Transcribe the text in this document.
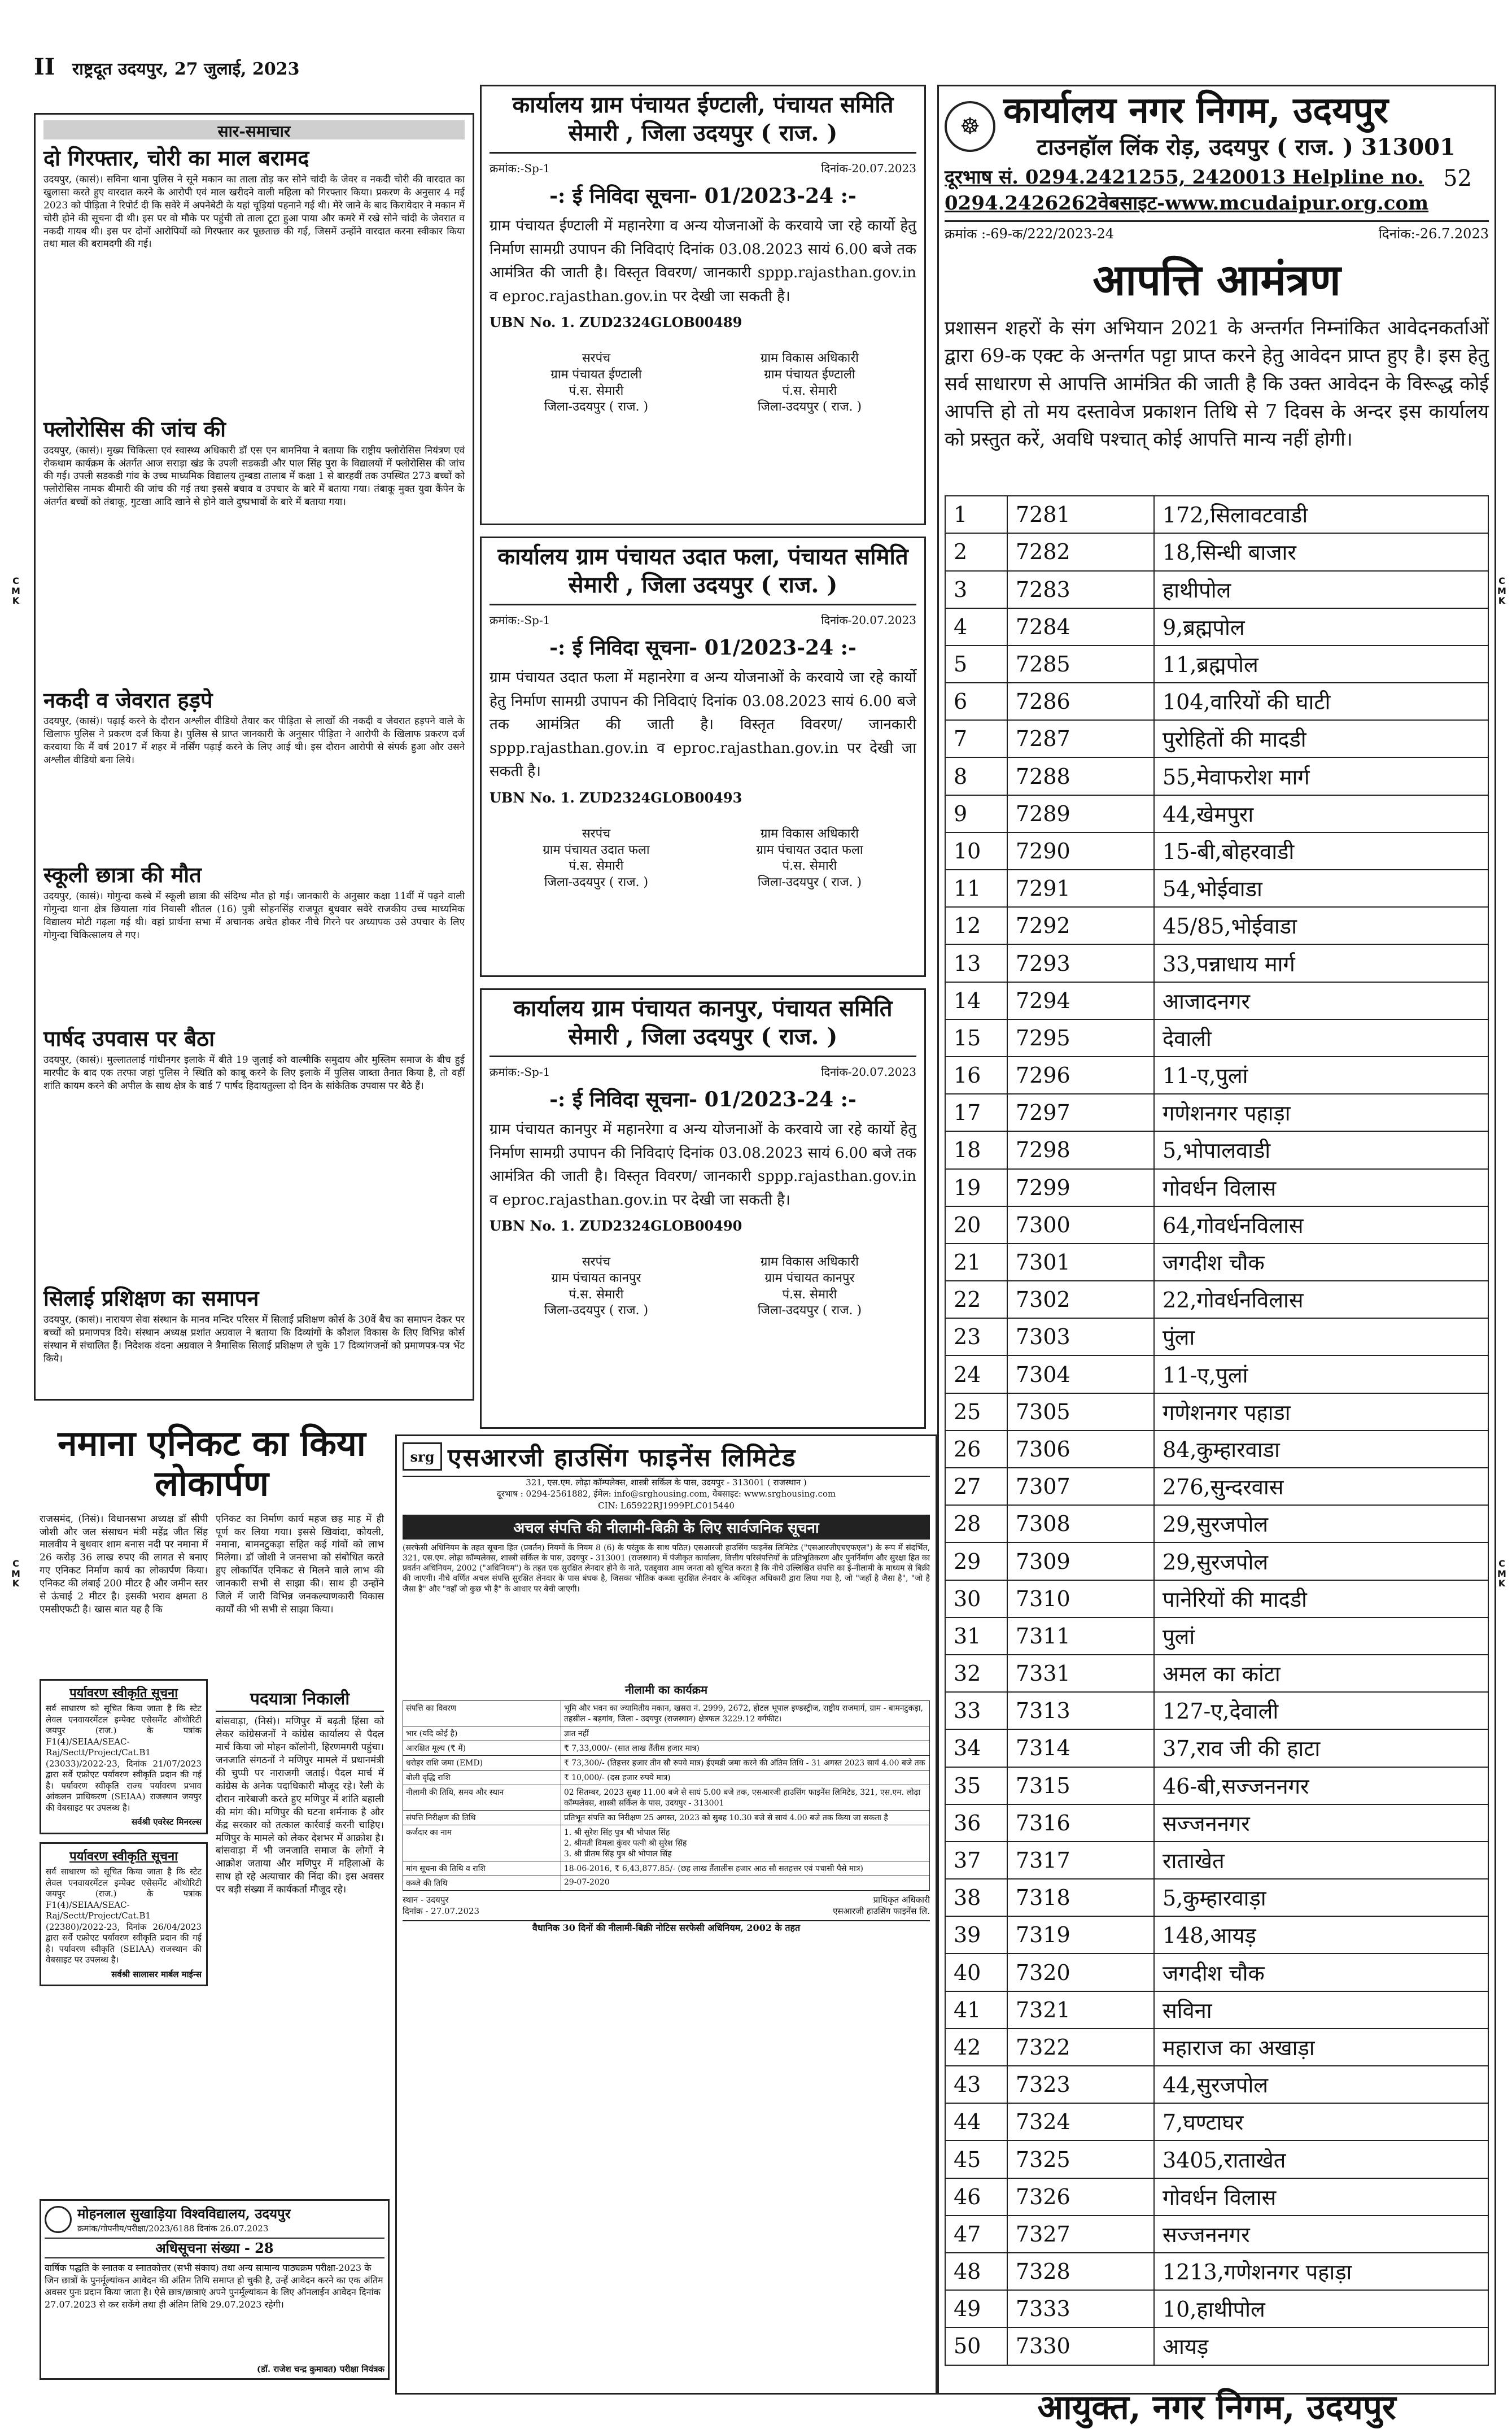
II राष्ट्रदूत उदयपुर, 27 जुलाई, 2023
C
M
K
C
M
K
C
M
K
C
M
K
सार-समाचार
दो गिरफ्तार, चोरी का माल बरामद

उदयपुर, (कासं)। सविना थाना पुलिस ने सूने मकान का ताला तोड़ कर सोने चांदी के जेवर व नकदी चोरी की वारदात का खुलासा करते हुए वारदात करने के आरोपी एवं माल खरीदने वाली महिला को गिरफ्तार किया। प्रकरण के अनुसार 4 मई 2023 को पीड़िता ने रिपोर्ट दी कि सवेरे में अपनेबेटी के यहां चूड़ियां पहनाने गई थी। मेरे जाने के बाद किरायेदार ने मकान में चोरी होने की सूचना दी थी। इस पर वो मौके पर पहुंची तो ताला टूटा हुआ पाया और कमरे में रखे सोने चांदी के जेवरात व नकदी गायब थी। इस पर दोनों आरोपियों को गिरफ्तार कर पूछताछ की गई, जिसमें उन्होंने वारदात करना स्वीकार किया तथा माल की बरामदगी की गई।

फ्लोरोसिस की जांच की

उदयपुर, (कासं)। मुख्य चिकित्सा एवं स्वास्थ्य अधिकारी डॉ एस एन बामनिया ने बताया कि राष्ट्रीय फ्लोरोसिस नियंत्रण एवं रोकथाम कार्यक्रम के अंतर्गत आज सराड़ा खंड के उपली सडकडी और पाल सिंह पुरा के विद्यालयों में फ्लोरोसिस की जांच की गई। उपली सडकडी गांव के उच्च माध्यमिक विद्यालय तुम्बडा तालाब में कक्षा 1 से बारहवीं तक उपस्थित 273 बच्चों को फ्लोरोसिस नामक बीमारी की जांच की गई तथा इससे बचाव व उपचार के बारे में बताया गया। तंबाकू मुक्त युवा कैंपेन के अंतर्गत बच्चों को तंबाकू, गुटखा आदि खाने से होने वाले दुष्प्रभावों के बारे में बताया गया।

नकदी व जेवरात हड़पे

उदयपुर, (कासं)। पढ़ाई करने के दौरान अश्लील वीडियो तैयार कर पीड़िता से लाखों की नकदी व जेवरात हड़पने वाले के खिलाफ पुलिस ने प्रकरण दर्ज किया है। पुलिस से प्राप्त जानकारी के अनुसार पीड़िता ने आरोपी के खिलाफ प्रकरण दर्ज करवाया कि मैं वर्ष 2017 में शहर में नर्सिंग पढ़ाई करने के लिए आई थी। इस दौरान आरोपी से संपर्क हुआ और उसने अश्लील वीडियो बना लिये।

स्कूली छात्रा की मौत

उदयपुर, (कासं)। गोगुन्दा कस्बे में स्कूली छात्रा की संदिग्ध मौत हो गई। जानकारी के अनुसार कक्षा 11वीं में पढ़ने वाली गोगुन्दा थाना क्षेत्र छियाला गांव निवासी शीतल (16) पुत्री सोहनसिंह राजपूत बुधवार सवेरे राजकीय उच्च माध्यमिक विद्यालय मोटी गढ़ला गई थी। वहां प्रार्थना सभा में अचानक अचेत होकर नीचे गिरने पर अध्यापक उसे उपचार के लिए गोगुन्दा चिकित्सालय ले गए।

पार्षद उपवास पर बैठा

उदयपुर, (कासं)। मुल्लातलाई गांधीनगर इलाके में बीते 19 जुलाई को वाल्मीकि समुदाय और मुस्लिम समाज के बीच हुई मारपीट के बाद एक तरफा जहां पुलिस ने स्थिति को काबू करने के लिए इलाके में पुलिस जाब्ता तैनात किया है, तो वहीं शांति कायम करने की अपील के साथ क्षेत्र के वार्ड 7 पार्षद हिदायतुल्ला दो दिन के सांकेतिक उपवास पर बैठे हैं।

सिलाई प्रशिक्षण का समापन

उदयपुर, (कासं)। नारायण सेवा संस्थान के मानव मन्दिर परिसर में सिलाई प्रशिक्षण कोर्स के 30वें बैच का समापन देकर पर बच्चों को प्रमाणपत्र दिये। संस्थान अध्यक्ष प्रशांत अग्रवाल ने बताया कि दिव्यांगों के कौशल विकास के लिए विभिन्न कोर्स संस्थान में संचालित हैं। निदेशक वंदना अग्रवाल ने त्रैमासिक सिलाई प्रशिक्षण ले चुके 17 दिव्यांगजनों को प्रमाणपत्र-पत्र भेंट किये।

नमाना एनिकट का किया लोकार्पण
राजसमंद, (निसं)। विधानसभा अध्यक्ष डॉ सीपी जोशी और जल संसाधन मंत्री महेंद्र जीत सिंह मालवीय ने बुधवार शाम बनास नदी पर नमाना में 26 करोड़ 36 लाख रुपए की लागत से बनाए गए एनिकट निर्माण कार्य का लोकार्पण किया। एनिकट की लंबाई 200 मीटर है और जमीन स्तर से ऊंचाई 2 मीटर है। इसकी भराव क्षमता 8 एमसीएफटी है। खास बात यह है कि
पर्यावरण स्वीकृति सूचना
सर्व साधारण को सूचित किया जाता है कि स्टेट लेवल एनवायरमेंटल इम्पेक्ट एसेसमेंट ऑथोरिटी जयपुर (राज.) के पत्रांक F1(4)/SEIAA/SEAC-Raj/Sectt/Project/Cat.B1 (23033)/2022-23, दिनांक 21/07/2023 द्वारा सर्वे एफ्रोएट पर्यावरण स्वीकृति प्रदान की गई है। पर्यावरण स्वीकृति राज्य पर्यावरण प्रभाव आंकलन प्राधिकरण (SEIAA) राजस्थान जयपुर की वेबसाइट पर उपलब्ध है।
सर्वश्री एवरेस्ट मिनरल्स
पर्यावरण स्वीकृति सूचना
सर्व साधारण को सूचित किया जाता है कि स्टेट लेवल एनवायरमेंटल इम्पेक्ट एसेसमेंट ऑथोरिटी जयपुर (राज.) के पत्रांक F1(4)/SEIAA/SEAC-Raj/Sectt/Project/Cat.B1 (22380)/2022-23, दिनांक 26/04/2023 द्वारा सर्वे एफ्रोएट पर्यावरण स्वीकृति प्रदान की गई है। पर्यावरण स्वीकृति (SEIAA) राजस्थान की वेबसाइट पर उपलब्ध है।
सर्वश्री सालासर मार्बल माईन्स
एनिकट का निर्माण कार्य महज छह माह में ही पूर्ण कर लिया गया। इससे खिवांदा, कोयली, नमाना, बामनटुकड़ा सहित कई गांवों को लाभ मिलेगा। डॉ जोशी ने जनसभा को संबोधित करते हुए लोकार्पित एनिकट से मिलने वाले लाभ की जानकारी सभी से साझा की। साथ ही उन्होंने जिले में जारी विभिन्न जनकल्याणकारी विकास कार्यों की भी सभी से साझा किया।
पदयात्रा निकाली
बांसवाड़ा, (निसं)। मणिपुर में बढ़ती हिंसा को लेकर कांग्रेसजनों ने कांग्रेस कार्यालय से पैदल मार्च किया जो मोहन कॉलोनी, हिरणमगरी पहुंचा। जनजाति संगठनों ने मणिपुर मामले में प्रधानमंत्री की चुप्पी पर नाराजगी जताई। पैदल मार्च में कांग्रेस के अनेक पदाधिकारी मौजूद रहे। रैली के दौरान नारेबाजी करते हुए मणिपुर में शांति बहाली की मांग की। मणिपुर की घटना शर्मनाक है और केंद्र सरकार को तत्काल कार्रवाई करनी चाहिए। मणिपुर के मामले को लेकर देशभर में आक्रोश है। बांसवाड़ा में भी जनजाति समाज के लोगों ने आक्रोश जताया और मणिपुर में महिलाओं के साथ हो रहे अत्याचार की निंदा की। इस अवसर पर बड़ी संख्या में कार्यकर्ता मौजूद रहे।
मोहनलाल सुखाड़िया विश्वविद्यालय, उदयपुर
क्रमांक/गोपनीय/परीक्षा/2023/6188 दिनांक 26.07.2023
अधिसूचना संख्या - 28
वार्षिक पद्धति के स्नातक व स्नातकोत्तर (सभी संकाय) तथा अन्य सामान्य पाठ्यक्रम परीक्षा-2023 के जिन छात्रों के पुनर्मूल्यांकन आवेदन की अंतिम तिथि समाप्त हो चुकी है, उन्हें आवेदन करने का एक अंतिम अवसर पुनः प्रदान किया जाता है। ऐसे छात्र/छात्राएं अपने पुनर्मूल्यांकन के लिए ऑनलाईन आवेदन दिनांक 27.07.2023 से कर सकेंगे तथा ही अंतिम तिथि 29.07.2023 रहेगी।
(डॉ. राजेश चन्द्र कुमावत) परीक्षा नियंत्रक
कार्यालय ग्राम पंचायत ईण्टाली, पंचायत समिति सेमारी , जिला उदयपुर ( राज. )
क्रमांक:-Sp-1	दिनांक-20.07.2023
-: ई निविदा सूचना- 01/2023-24 :-
ग्राम पंचायत ईण्टाली में महानरेगा व अन्य योजनाओं के करवाये जा रहे कार्यो हेतु निर्माण सामग्री उपापन की निविदाएं दिनांक 03.08.2023 सायं 6.00 बजे तक आमंत्रित की जाती है। विस्तृत विवरण/ जानकारी sppp.rajasthan.gov.in व eproc.rajasthan.gov.in पर देखी जा सकती है।
UBN No. 1. ZUD2324GLOB00489
सरपंच
ग्राम पंचायत ईण्टाली
पं.स. सेमारी
जिला-उदयपुर ( राज. )
ग्राम विकास अधिकारी
ग्राम पंचायत ईण्टाली
पं.स. सेमारी
जिला-उदयपुर ( राज. )
कार्यालय ग्राम पंचायत उदात फला, पंचायत समिति सेमारी , जिला उदयपुर ( राज. )
क्रमांक:-Sp-1	दिनांक-20.07.2023
-: ई निविदा सूचना- 01/2023-24 :-
ग्राम पंचायत उदात फला में महानरेगा व अन्य योजनाओं के करवाये जा रहे कार्यो हेतु निर्माण सामग्री उपापन की निविदाएं दिनांक 03.08.2023 सायं 6.00 बजे तक आमंत्रित की जाती है। विस्तृत विवरण/ जानकारी sppp.rajasthan.gov.in व eproc.rajasthan.gov.in पर देखी जा सकती है।
UBN No. 1. ZUD2324GLOB00493
सरपंच
ग्राम पंचायत उदात फला
पं.स. सेमारी
जिला-उदयपुर ( राज. )
ग्राम विकास अधिकारी
ग्राम पंचायत उदात फला
पं.स. सेमारी
जिला-उदयपुर ( राज. )
कार्यालय ग्राम पंचायत कानपुर, पंचायत समिति सेमारी , जिला उदयपुर ( राज. )
क्रमांक:-Sp-1	दिनांक-20.07.2023
-: ई निविदा सूचना- 01/2023-24 :-
ग्राम पंचायत कानपुर में महानरेगा व अन्य योजनाओं के करवाये जा रहे कार्यो हेतु निर्माण सामग्री उपापन की निविदाएं दिनांक 03.08.2023 सायं 6.00 बजे तक आमंत्रित की जाती है। विस्तृत विवरण/ जानकारी sppp.rajasthan.gov.in व eproc.rajasthan.gov.in पर देखी जा सकती है।
UBN No. 1. ZUD2324GLOB00490
सरपंच
ग्राम पंचायत कानपुर
पं.स. सेमारी
जिला-उदयपुर ( राज. )
ग्राम विकास अधिकारी
ग्राम पंचायत कानपुर
पं.स. सेमारी
जिला-उदयपुर ( राज. )
srg एसआरजी हाउसिंग फाइनेंस लिमिटेड
321, एस.एम. लोढ़ा कॉम्पलेक्स, शास्त्री सर्किल के पास, उदयपुर - 313001 ( राजस्थान )
दूरभाष : 0294-2561882, ईमेल: info@srghousing.com, वेबसाइट: www.srghousing.com
CIN: L65922RJ1999PLC015440
अचल संपत्ति की नीलामी-बिक्री के लिए सार्वजनिक सूचना
(सरफेसी अधिनियम के तहत सूचना हित (प्रवर्तन) नियमों के नियम 8 (6) के परंतुक के साथ पठित) एसआरजी हाउसिंग फाइनेंस लिमिटेड ("एसआरजीएचएफएल") के रूप में संदर्भित, 321, एस.एम. लोढ़ा कॉम्पलेक्स, शास्त्री सर्किल के पास, उदयपुर - 313001 (राजस्थान) में पंजीकृत कार्यालय, वित्तीय परिसंपत्तियों के प्रतिभूतिकरण और पुनर्निर्माण और सुरक्षा हित का प्रवर्तन अधिनियम, 2002 ("अधिनियम") के तहत एक सुरक्षित लेनदार होने के नाते, एतद्द्वारा आम जनता को सूचित करता है कि नीचे उल्लिखित संपत्ति का ई-नीलामी के माध्यम से बिक्री की जाएगी। नीचे वर्णित अचल संपत्ति सुरक्षित लेनदार के पास बंधक है, जिसका भौतिक कब्जा सुरक्षित लेनदार के अधिकृत अधिकारी द्वारा लिया गया है, जो "जहाँ है जैसा है", "जो है जैसा है" और "वहाँ जो कुछ भी है" के आधार पर बेची जाएगी।
नीलामी का कार्यक्रम
संपत्ति का विवरण	भूमि और भवन का ज्यामितीय मकान, खसरा नं. 2999, 2672, होटल भूपाल इण्डस्ट्रीज, राष्ट्रीय राजमार्ग, ग्राम - बामनटुकड़ा, तहसील - बड़गांव, जिला - उदयपुर (राजस्थान) क्षेत्रफल 3229.12 वर्गफीट।
भार (यदि कोई है)	ज्ञात नहीं
आरक्षित मूल्य (₹ में)	₹ 7,33,000/- (सात लाख तैंतीस हजार मात्र)
धरोहर राशि जमा (EMD)	₹ 73,300/- (तिहत्तर हजार तीन सौ रुपये मात्र) ईएमडी जमा करने की अंतिम तिथि - 31 अगस्त 2023 सायं 4.00 बजे तक
बोली वृद्धि राशि	₹ 10,000/- (दस हजार रुपये मात्र)
नीलामी की तिथि, समय और स्थान	02 सितम्बर, 2023 सुबह 11.00 बजे से सायं 5.00 बजे तक, एसआरजी हाउसिंग फाइनेंस लिमिटेड, 321, एस.एम. लोढ़ा कॉम्पलेक्स, शास्त्री सर्किल के पास, उदयपुर - 313001
संपत्ति निरीक्षण की तिथि	प्रतिभूत संपत्ति का निरीक्षण 25 अगस्त, 2023 को सुबह 10.30 बजे से सायं 4.00 बजे तक किया जा सकता है
कर्जदार का नाम	1. श्री सुरेश सिंह पुत्र श्री भोपाल सिंह
2. श्रीमती विमला कुंवर पत्नी श्री सुरेश सिंह
3. श्री प्रीतम सिंह पुत्र श्री भोपाल सिंह
मांग सूचना की तिथि व राशि	18-06-2016, ₹ 6,43,877.85/- (छह लाख तैंतालीस हजार आठ सौ सतहत्तर एवं पचासी पैसे मात्र)
कब्जे की तिथि	29-07-2020
स्थान - उदयपुर
दिनांक - 27.07.2023
प्राधिकृत अधिकारी
एसआरजी हाउसिंग फाइनेंस लि.
वैधानिक 30 दिनों की नीलामी-बिक्री नोटिस सरफेसी अधिनियम, 2002 के तहत
☸ कार्यालय नगर निगम, उदयपुर
टाउनहॉल लिंक रोड़, उदयपुर ( राज. ) 313001
52
दूरभाष सं. 0294.2421255, 2420013 Helpline no. 0294.2426262वेबसाइट-www.mcudaipur.org.com
क्रमांक :-69-क/222/2023-24	दिनांक:-26.7.2023
आपत्ति आमंत्रण
प्रशासन शहरों के संग अभियान 2021 के अन्तर्गत निम्नांकित आवेदनकर्ताओं द्वारा 69-क एक्ट के अन्तर्गत पट्टा प्राप्त करने हेतु आवेदन प्राप्त हुए है। इस हेतु सर्व साधारण से आपत्ति आमंत्रित की जाती है कि उक्त आवेदन के विरूद्ध कोई आपत्ति हो तो मय दस्तावेज प्रकाशन तिथि से 7 दिवस के अन्दर इस कार्यालय को प्रस्तुत करें, अवधि पश्चात् कोई आपत्ति मान्य नहीं होगी।
1	7281	172,सिलावटवाडी
2	7282	18,सिन्धी बाजार
3	7283	हाथीपोल
4	7284	9,ब्रह्मपोल
5	7285	11,ब्रह्मपोल
6	7286	104,वारियों की घाटी
7	7287	पुरोहितों की मादडी
8	7288	55,मेवाफरोश मार्ग
9	7289	44,खेमपुरा
10	7290	15-बी,बोहरवाडी
11	7291	54,भोईवाडा
12	7292	45/85,भोईवाडा
13	7293	33,पन्नाधाय मार्ग
14	7294	आजादनगर
15	7295	देवाली
16	7296	11-ए,पुलां
17	7297	गणेशनगर पहाड़ा
18	7298	5,भोपालवाडी
19	7299	गोवर्धन विलास
20	7300	64,गोवर्धनविलास
21	7301	जगदीश चौक
22	7302	22,गोवर्धनविलास
23	7303	पुंला
24	7304	11-ए,पुलां
25	7305	गणेशनगर पहाडा
26	7306	84,कुम्हारवाडा
27	7307	276,सुन्दरवास
28	7308	29,सुरजपोल
29	7309	29,सुरजपोल
30	7310	पानेरियों की मादडी
31	7311	पुलां
32	7331	अमल का कांटा
33	7313	127-ए,देवाली
34	7314	37,राव जी की हाटा
35	7315	46-बी,सज्जननगर
36	7316	सज्जननगर
37	7317	राताखेत
38	7318	5,कुम्हारवाड़ा
39	7319	148,आयड़
40	7320	जगदीश चौक
41	7321	सविना
42	7322	महाराज का अखाड़ा
43	7323	44,सुरजपोल
44	7324	7,घण्टाघर
45	7325	3405,राताखेत
46	7326	गोवर्धन विलास
47	7327	सज्जननगर
48	7328	1213,गणेशनगर पहाड़ा
49	7333	10,हाथीपोल
50	7330	आयड़
आयुक्त, नगर निगम, उदयपुर
